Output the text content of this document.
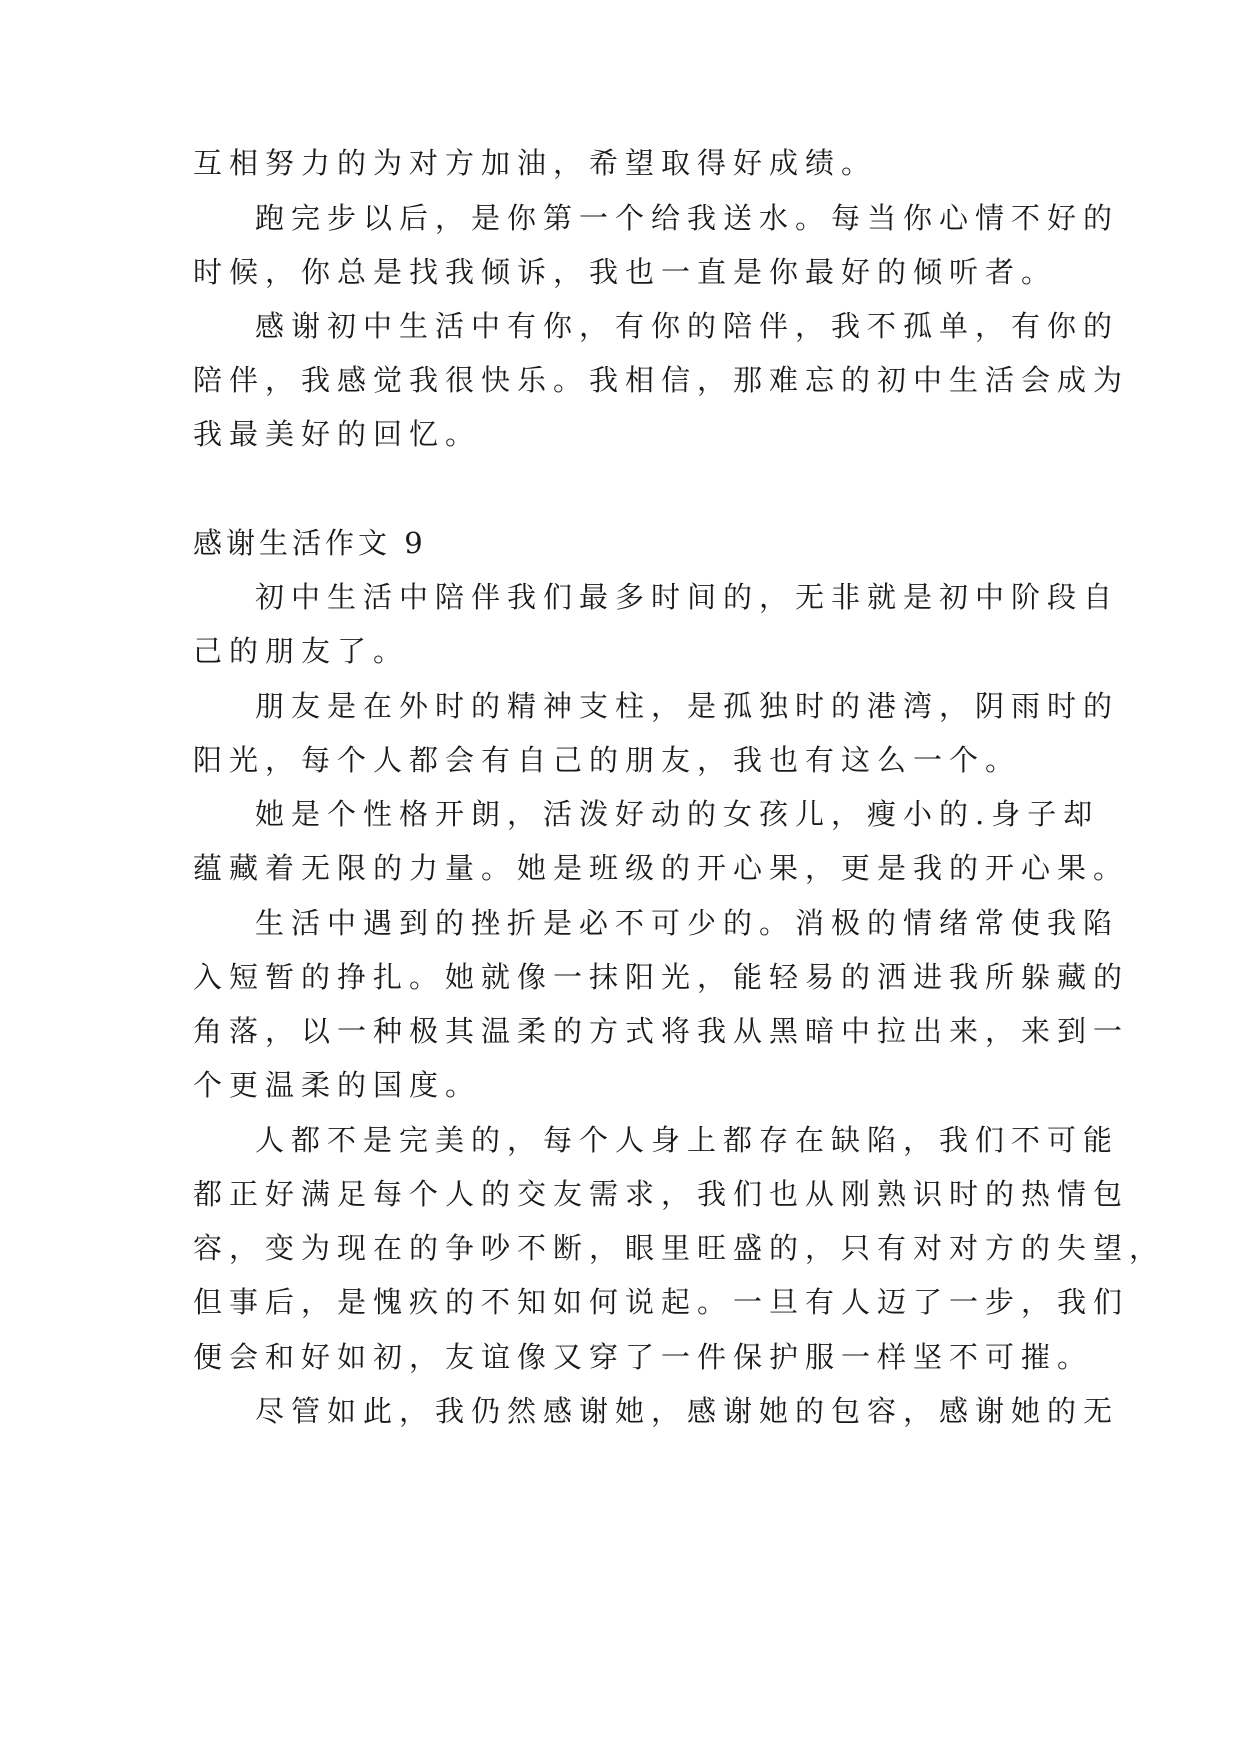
互相努力的为对方加油，希望取得好成绩。
跑完步以后，是你第一个给我送水。每当你心情不好的
时候，你总是找我倾诉，我也一直是你最好的倾听者。
感谢初中生活中有你，有你的陪伴，我不孤单，有你的
陪伴，我感觉我很快乐。我相信，那难忘的初中生活会成为
我最美好的回忆。
感谢生活作文 9
初中生活中陪伴我们最多时间的，无非就是初中阶段自
己的朋友了。
朋友是在外时的精神支柱，是孤独时的港湾，阴雨时的
阳光，每个人都会有自己的朋友，我也有这么一个。
她是个性格开朗，活泼好动的女孩儿，瘦小的.身子却
蕴藏着无限的力量。她是班级的开心果，更是我的开心果。
生活中遇到的挫折是必不可少的。消极的情绪常使我陷
入短暂的挣扎。她就像一抹阳光，能轻易的洒进我所躲藏的
角落，以一种极其温柔的方式将我从黑暗中拉出来，来到一
个更温柔的国度。
人都不是完美的，每个人身上都存在缺陷，我们不可能
都正好满足每个人的交友需求，我们也从刚熟识时的热情包
容，变为现在的争吵不断，眼里旺盛的，只有对对方的失望，
但事后，是愧疚的不知如何说起。一旦有人迈了一步，我们
便会和好如初，友谊像又穿了一件保护服一样坚不可摧。
尽管如此，我仍然感谢她，感谢她的包容，感谢她的无
